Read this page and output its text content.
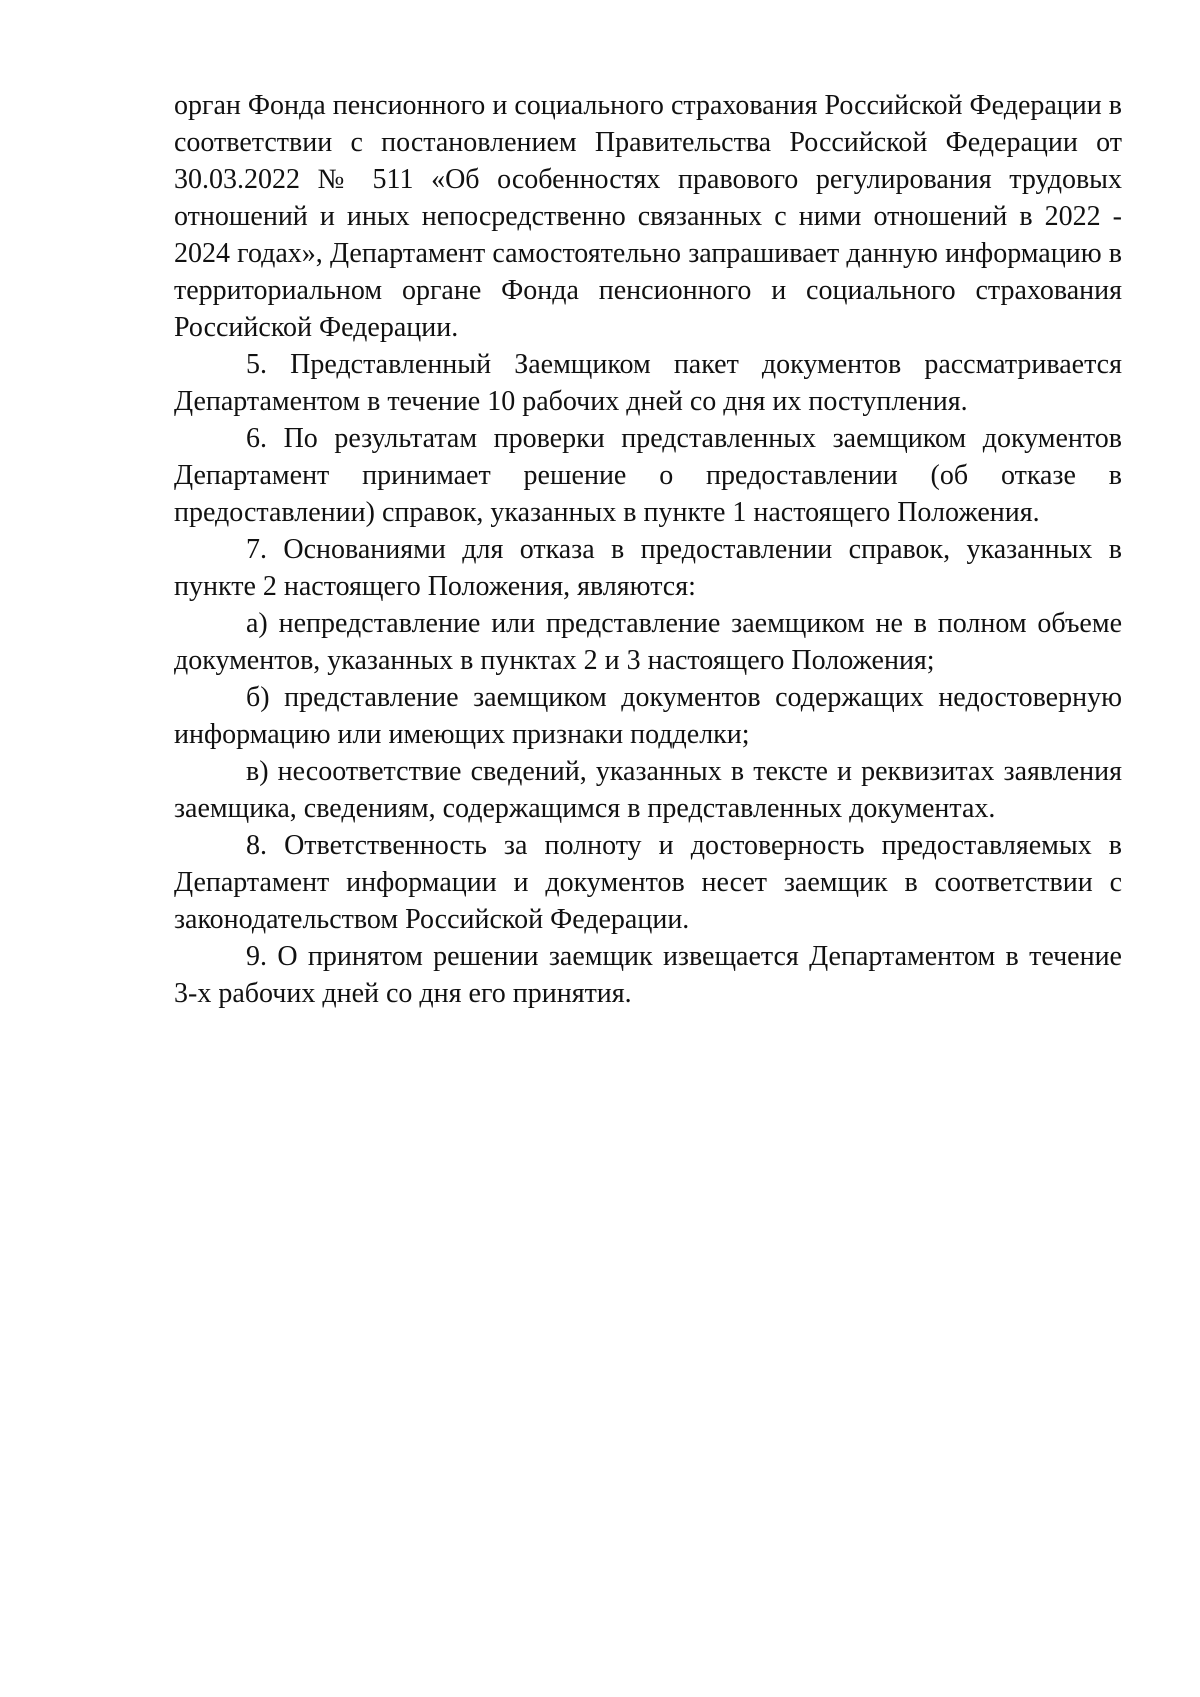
орган Фонда пенсионного и социального страхования Российской Федерации в соответствии с постановлением Правительства Российской Федерации от 30.03.2022 № 511 «Об особенностях правового регулирования трудовых отношений и иных непосредственно связанных с ними отношений в 2022 - 2024 годах», Департамент самостоятельно запрашивает данную информацию в территориальном органе Фонда пенсионного и социального страхования Российской Федерации.

5. Представленный Заемщиком пакет документов рассматривается Департаментом в течение 10 рабочих дней со дня их поступления.

6. По результатам проверки представленных заемщиком документов Департамент принимает решение о предоставлении (об отказе в предоставлении) справок, указанных в пункте 1 настоящего Положения.

7. Основаниями для отказа в предоставлении справок, указанных в пункте 2 настоящего Положения, являются:

а) непредставление или представление заемщиком не в полном объеме документов, указанных в пунктах 2 и 3 настоящего Положения;

б) представление заемщиком документов содержащих недостоверную информацию или имеющих признаки подделки;

в) несоответствие сведений, указанных в тексте и реквизитах заявления заемщика, сведениям, содержащимся в представленных документах.

8. Ответственность за полноту и достоверность предоставляемых в Департамент информации и документов несет заемщик в соответствии с законодательством Российской Федерации.

9. О принятом решении заемщик извещается Департаментом в течение 3-х рабочих дней со дня его принятия.
